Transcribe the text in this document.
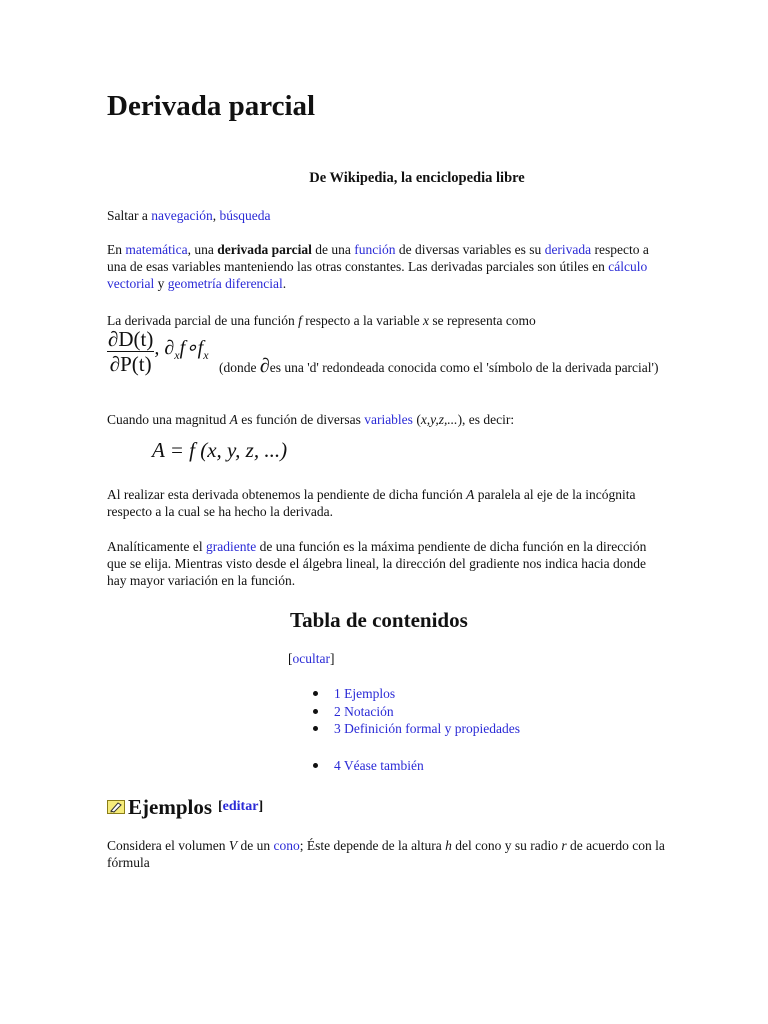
Derivada parcial
De Wikipedia, la enciclopedia libre

Saltar a navegación, búsqueda

En matemática, una derivada parcial de una función de diversas variables es su derivada respecto a una de esas variables manteniendo las otras constantes. Las derivadas parciales son útiles en cálculo vectorial y geometría diferencial.

La derivada parcial de una función f respecto a la variable x se representa como

$\frac{\partial D(t)}{\partial P(t)}$ , $\partial_xf\circ f_x$

(donde ∂es una 'd' redondeada conocida como el 'símbolo de la derivada parcial')

Cuando una magnitud A es función de diversas variables (x,y,z,...), es decir:

A = f (x, y, z, ...)

Al realizar esta derivada obtenemos la pendiente de dicha función A paralela al eje de la incógnita respecto a la cual se ha hecho la derivada.

Analíticamente el gradiente de una función es la máxima pendiente de dicha función en la dirección que se elija. Mientras visto desde el álgebra lineal, la dirección del gradiente nos indica hacia donde hay mayor variación en la función.

Tabla de contenidos
[ocultar]
1 Ejemplos
2 Notación
3 Definición formal y propiedades
4 Véase también
Ejemplos [editar]

Considera el volumen V de un cono; Éste depende de la altura h del cono y su radio r de acuerdo con la fórmula
